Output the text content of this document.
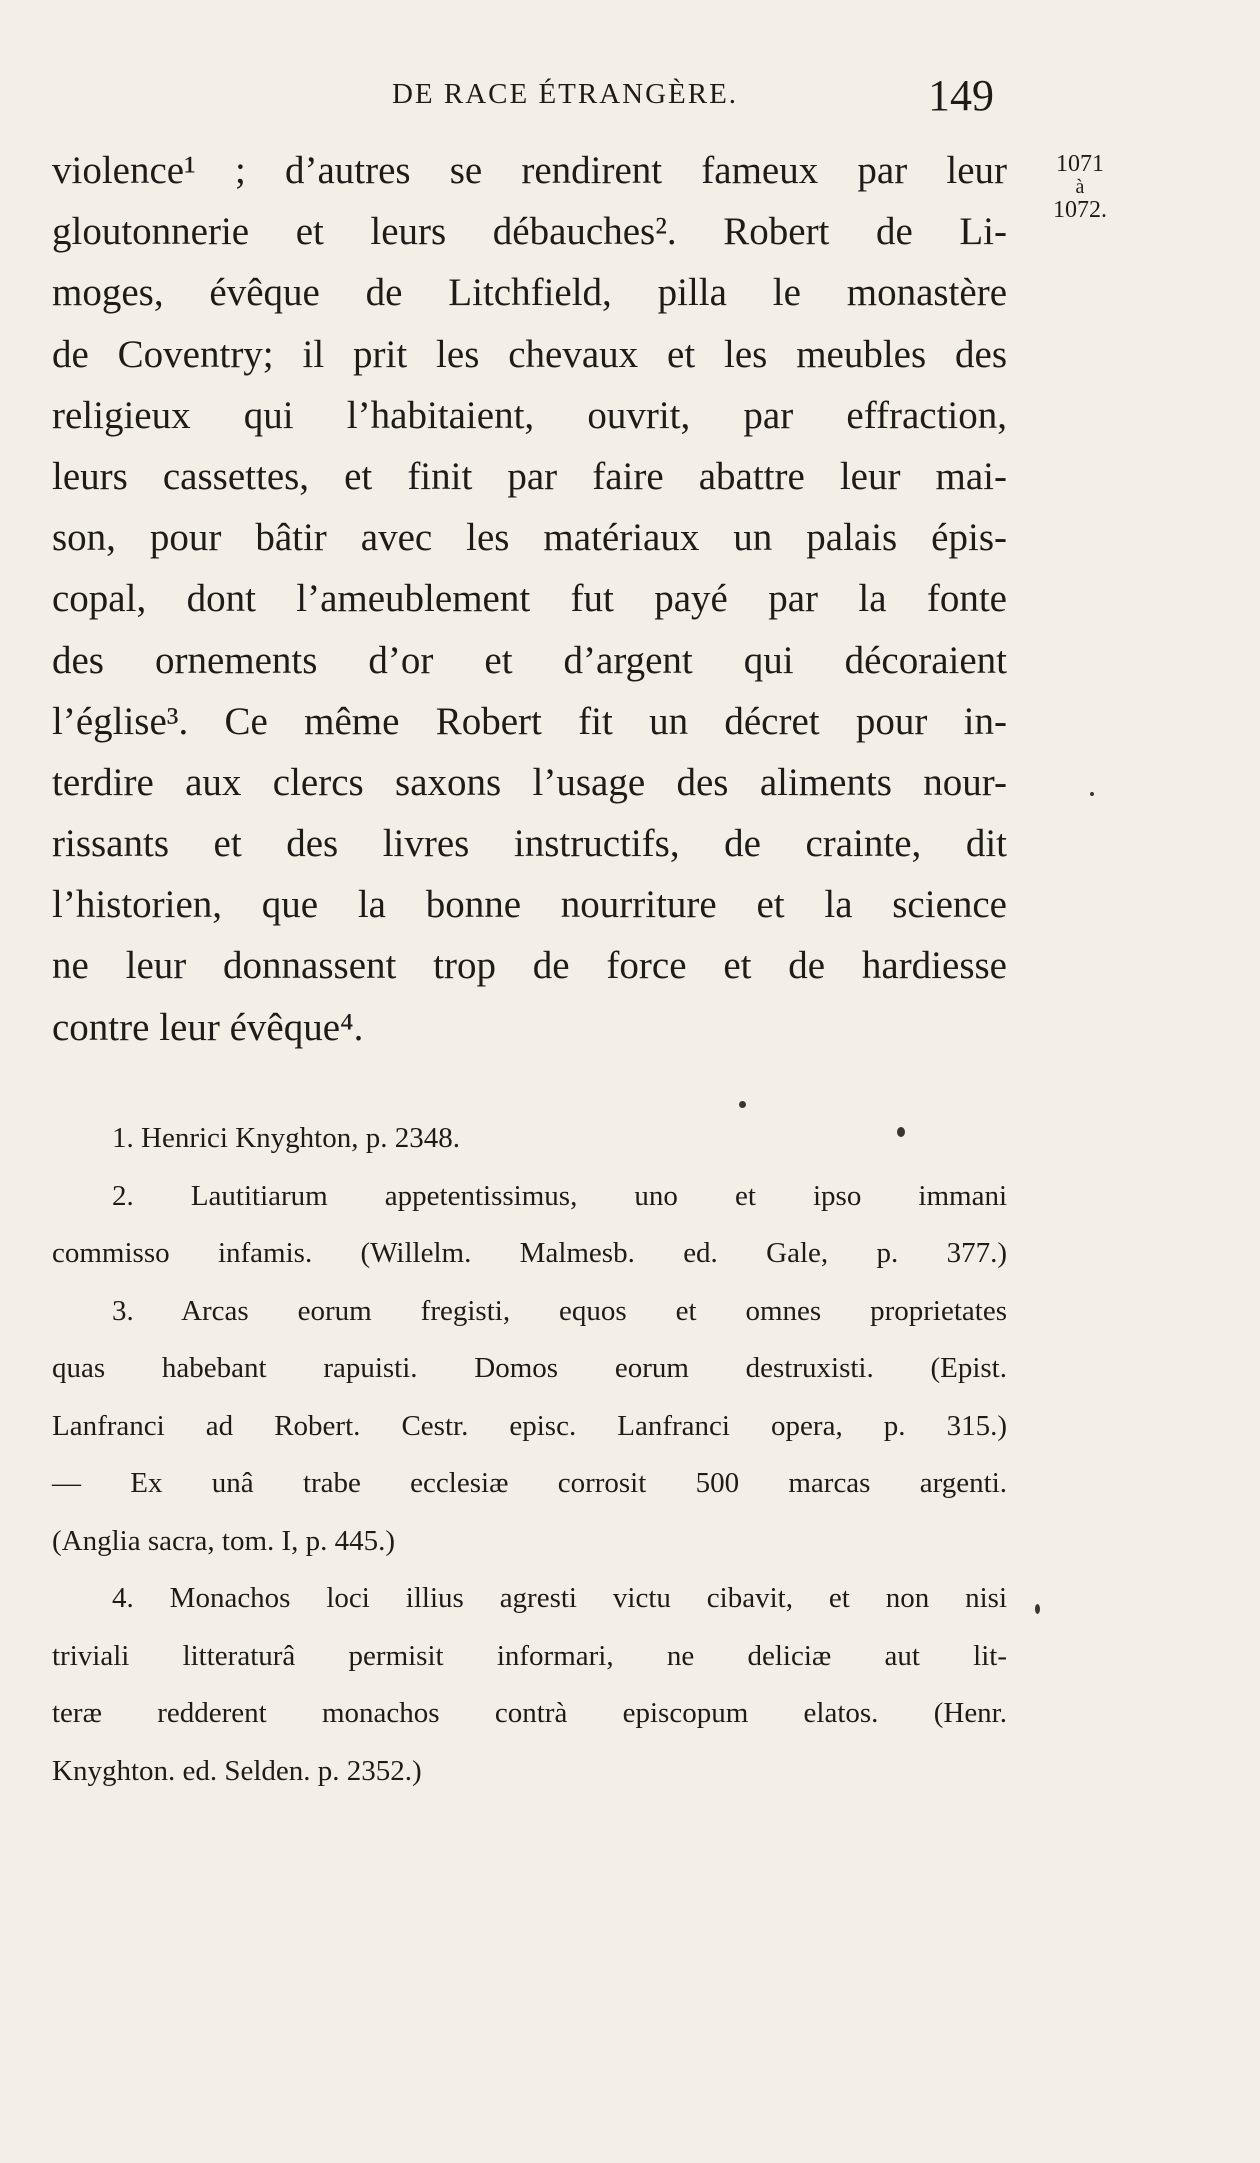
DE RACE ÉTRANGÈRE.	149
1071
à
1072.
violence¹ ; d’autres se rendirent fameux par leur
gloutonnerie et leurs débauches². Robert de Li-
moges, évêque de Litchfield, pilla le monastère
de Coventry; il prit les chevaux et les meubles des
religieux qui l’habitaient, ouvrit, par effraction,
leurs cassettes, et finit par faire abattre leur mai-
son, pour bâtir avec les matériaux un palais épis-
copal, dont l’ameublement fut payé par la fonte
des ornements d’or et d’argent qui décoraient
l’église³. Ce même Robert fit un décret pour in-
terdire aux clercs saxons l’usage des aliments nour-
rissants et des livres instructifs, de crainte, dit
l’historien, que la bonne nourriture et la science
ne leur donnassent trop de force et de hardiesse
contre leur évêque⁴.
1. Henrici Knyghton, p. 2348.
2. Lautitiarum appetentissimus, uno et ipso immani
commisso infamis. (Willelm. Malmesb. ed. Gale, p. 377.)
3. Arcas eorum fregisti, equos et omnes proprietates
quas habebant rapuisti. Domos eorum destruxisti. (Epist.
Lanfranci ad Robert. Cestr. episc. Lanfranci opera, p. 315.)
— Ex unâ trabe ecclesiæ corrosit 500 marcas argenti.
(Anglia sacra, tom. I, p. 445.)
4. Monachos loci illius agresti victu cibavit, et non nisi
triviali litteraturâ permisit informari, ne deliciæ aut lit-
teræ redderent monachos contrà episcopum elatos. (Henr.
Knyghton. ed. Selden. p. 2352.)
